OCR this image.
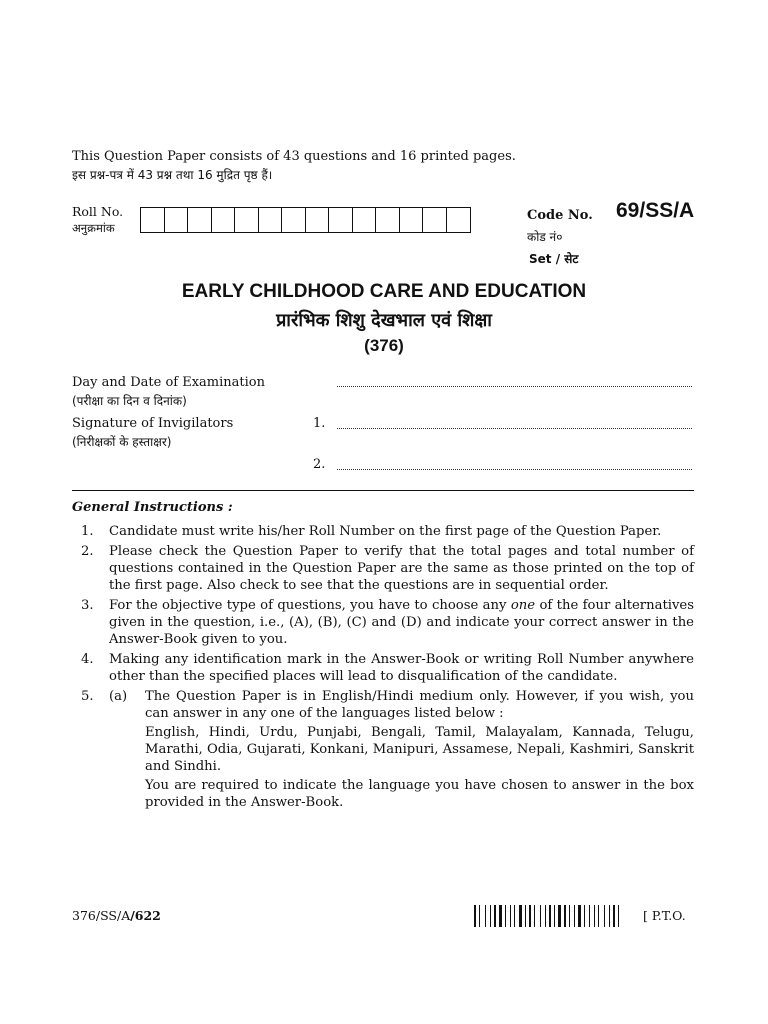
This Question Paper consists of 43 questions and 16 printed pages.
इस प्रश्न-पत्र में 43 प्रश्न तथा 16 मुद्रित पृष्ठ हैं।
Roll No.
अनुक्रमांक
Code No. 69/SS/A
कोड नं०
Set / सेट
EARLY CHILDHOOD CARE AND EDUCATION
प्रारंभिक शिशु देखभाल एवं शिक्षा
(376)
Day and Date of Examination
(परीक्षा का दिन व दिनांक)
Signature of Invigilators
(निरीक्षकों के हस्ताक्षर)
1.
2.
General Instructions :
1.	Candidate must write his/her Roll Number on the first page of the Question Paper.
2.	Please check the Question Paper to verify that the total pages and total number of questions contained in the Question Paper are the same as those printed on the top of the first page. Also check to see that the questions are in sequential order.
3.	For the objective type of questions, you have to choose any one of the four alternatives given in the question, i.e., (A), (B), (C) and (D) and indicate your correct answer in the Answer-Book given to you.
4.	Making any identification mark in the Answer-Book or writing Roll Number anywhere other than the specified places will lead to disqualification of the candidate.
5.	(a)	The Question Paper is in English/Hindi medium only. However, if you wish, you can answer in any one of the languages listed below :

English, Hindi, Urdu, Punjabi, Bengali, Tamil, Malayalam, Kannada, Telugu, Marathi, Odia, Gujarati, Konkani, Manipuri, Assamese, Nepali, Kashmiri, Sanskrit and Sindhi.

You are required to indicate the language you have chosen to answer in the box provided in the Answer-Book.

376/SS/A/622	[ P.T.O.
